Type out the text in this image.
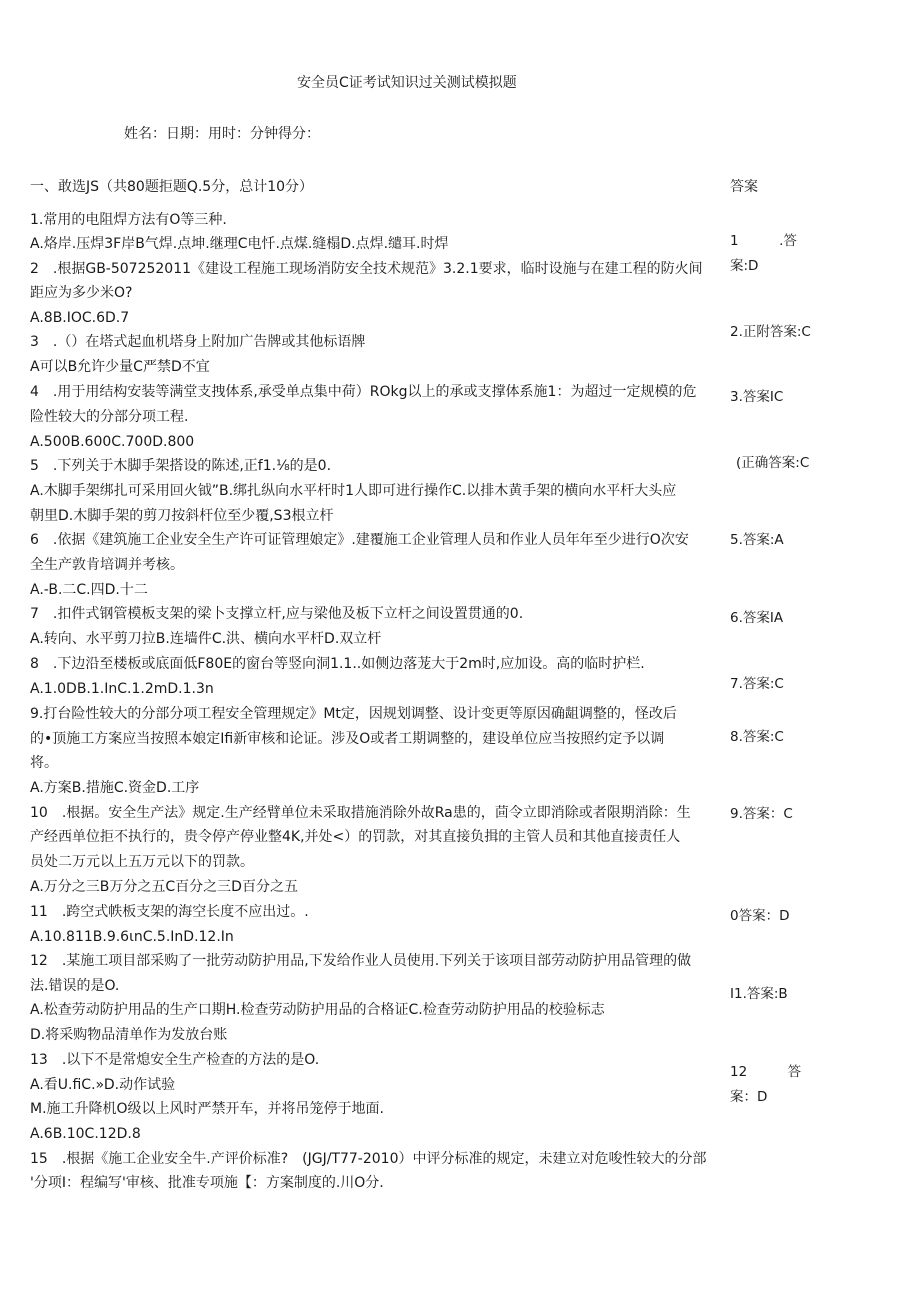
安全员C证考试知识过关测试模拟题
姓名：日期：用时：分钟得分：
一、敢选JS（共80题拒题Q.5分，总计10分）	答案
1.常用的电阻焊方法有O等三种.
A.烙岸.压焊3F岸B气焊.点坤.继理C电忏.点煤.缝榻D.点焊.缱耳.时焊
2　.根据GB-507252011《建设工程施工现场消防安全技术规范》3.2.1要求，临时设施与在建工程的防火间
距应为多少米O?
A.8B.IOC.6D.7
3　.（）在塔式起血机塔身上附加广告牌或其他标语牌
A可以B允许少量C严禁D不宜
4　.用于用结构安装等满堂支拽体系,承受单点集中荷）ROkg以上的承或支撑体系施1：为超过一定规模的危
险性较大的分部分项工程.
A.500B.600C.700D.800
5　.下列关于木脚手架搭设的陈述,正f1.⅛的是0.
A.木脚手架绑扎可采用回火钺”B.绑扎纵向水平杆时1人即可进行操作C.以排木黄手架的横向水平杆大头应
朝里D.木脚手架的剪刀按斜杆位至少覆,S3根立杆
6　.依据《建筑施工企业安全生产许可证管理娘定》.建覆施工企业管理人员和作业人员年年至少进行O次安
全生产敦肯培调并考核。
A.-B.二C.四D.十二
7　.扣件式钢管模板支架的梁卜支撑立杆,应与梁他及板下立杆之间设置贯通的0.
A.转向、水平剪刀拉B.连墙件C.洪、横向水平杆D.双立杆
8　.下边沿至楼板或底面低F80E的窗台等竖向洞1.1..如侧边落茏大于2m时,应加设。高的临时护栏.
A.1.0DB.1.InC.1.2mD.1.3n
9.打台险性较大的分部分项工程安全管理规定》Mt定，因规划调整、设计变更等原因确龃调整的，怪改后
的•顶施工方案应当按照本娘定Ifi新审核和论证。涉及O或者工期调整的，建设单位应当按照约定予以调
将。
A.方案B.措施C.资金D.工序
10　.根据。安全生产法》规定.生产经臂单位未采取措施消除外故Ra患的，茴令立即消除或者限期消除：生
产经西单位拒不执行的，贵令停产停业整4K,并处<）的罚款，对其直接负揖的主管人员和其他直接责任人
员处二万元以上五万元以下的罚款。
A.万分之三B万分之五C百分之三D百分之五
11　.跨空式帙板支架的海空长度不应出过。.
A.10.811B.9.6ιnC.5.InD.12.In
12　.某施工项目部采购了一批劳动防护用品,下发给作业人员使用.下列关于该项目部劳动防护用品管理的做
法.错误的是O.
A.松查劳动防护用品的生产口期H.检查劳动防护用品的合格证C.检查劳动防护用品的校验标志
D.将采购物品清单作为发放台账
13　.以下不是常熄安全生产检查的方法的是O.
A.看U.fiC.»D.动作试验
M.施工升降机O级以上风时严禁开车，并将吊笼停于地面.
A.6B.10C.12D.8
15　.根据《施工企业安全牛.产评价标准?　(JGJ/T77-2010）中评分标准的规定，未建立对危唆性较大的分部
'分项I：程编写'审核、批准专项施【：方案制度的.川O分.
1　　　.答
案:D
2.正附答案:C
3.答案IC
(正确答案:C
5.答案:A
6.答案IA
7.答案:C
8.答案:C
9.答案：C
0答案：D
I1.答案:B
12　　　答
案：D
